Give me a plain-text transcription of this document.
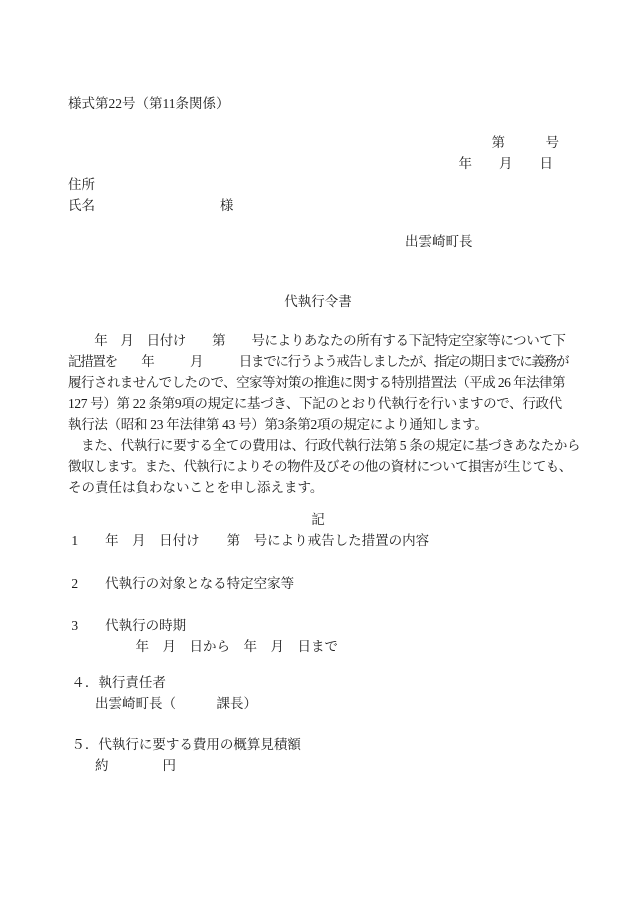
様式第22号（第11条関係）
第　　　号
年　　月　　日
住所
氏名　　　　　　　　　 様
出雲崎町長
代執行令書
　　年　月　日付け　　第　　号によりあなたの所有する下記特定空家等について下
記措置を　　年　　　月　　　日までに行うよう戒告しましたが、指定の期日までに義務が
履行されませんでしたので、空家等対策の推進に関する特別措置法（平成 26 年法律第
127 号）第 22 条第9項の規定に基づき、下記のとおり代執行を行いますので、行政代
執行法（昭和 23 年法律第 43 号）第3条第2項の規定により通知します。
　また、代執行に要する全ての費用は、行政代執行法第 5 条の規定に基づきあなたから
徴収します。また、代執行によりその物件及びその他の資材について損害が生じても、
その責任は負わないことを申し添えます。
記
1　　年　月　日付け　　第　号により戒告した措置の内容
2　　代執行の対象となる特定空家等
3　　代執行の時期
　　　　　年　月　日から　年　月　日まで
４．執行責任者
　　出雲崎町長（　　　課長）
５．代執行に要する費用の概算見積額
　　約　　　　円
